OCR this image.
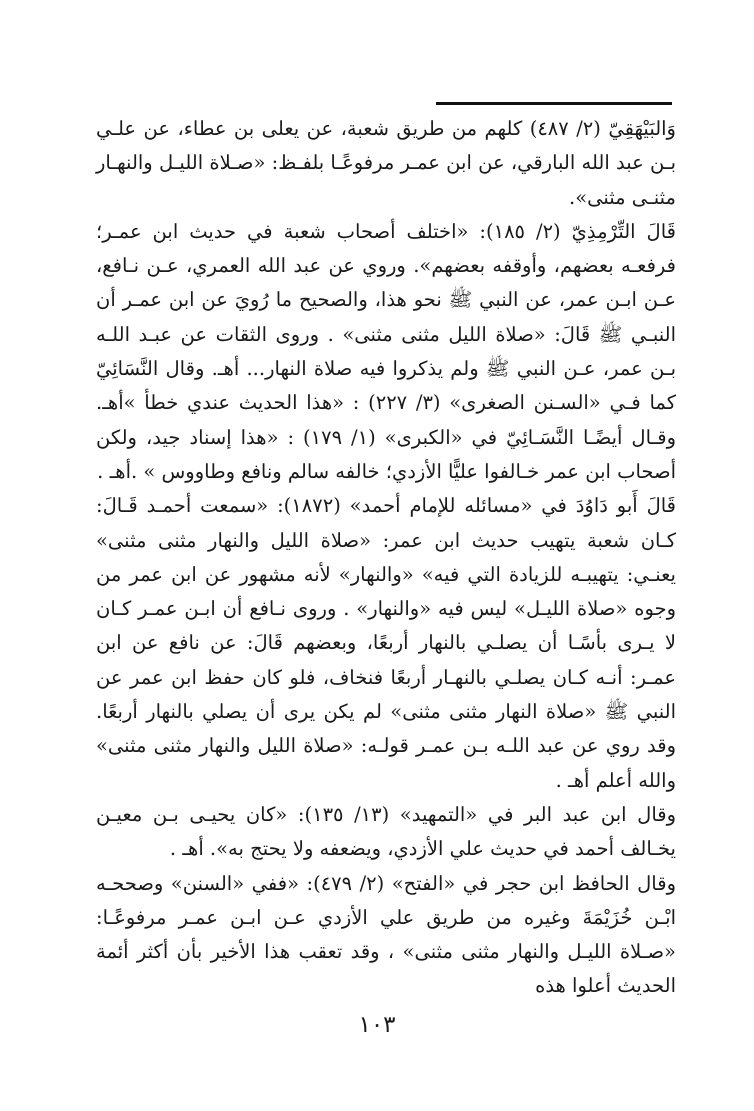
وَالبَيْهَقِيّ (٢/ ٤٨٧) كلهم من طريق شعبة، عن يعلى بن عطاء، عن علـي بـن عبد الله البارقي، عن ابن عمـر مرفوعًـا بلفـظ: «صـلاة الليـل والنهـار مثنـى مثنى».

قَالَ التِّرْمِذِيّ (٢/ ١٨٥): «اختلف أصحاب شعبة في حديث ابن عمـر؛ فرفعـه بعضهم، وأوقفه بعضهم». وروي عن عبد الله العمري، عـن نـافع، عـن ابـن عمر، عن النبي ﷺ نحو هذا، والصحيح ما رُويَ عن ابن عمـر أن النبـي ﷺ قَالَ: «صلاة الليل مثنى مثنى» . وروى الثقات عن عبـد اللـه بـن عمر، عـن النبي ﷺ ولم يذكروا فيه صلاة النهار... أهـ. وقال النَّسَائِيّ كما فـي «السـنن الصغرى» (٣/ ٢٢٧) : «هذا الحديث عندي خطأ »أهـ. وقـال أيضًـا النَّسَـائِيّ في «الكبرى» (١/ ١٧٩) : «هذا إسناد جيد، ولكن أصحاب ابن عمر خـالفوا عليًّا الأزدي؛ خالفه سالم ونافع وطاووس » .أهـ .

قَالَ أَبو دَاوُدَ في «مسائله للإمام أحمد» (١٨٧٢): «سمعت أحمـد قَـالَ: كـان شعبة يتهيب حديث ابن عمر: «صلاة الليل والنهار مثنى مثنى» يعنـي: يتهيبـه للزيادة التي فيه» «والنهار» لأنه مشهور عن ابن عمر من وجوه «صلاة الليـل» ليس فيه «والنهار» . وروى نـافع أن ابـن عمـر كـان لا يـرى بأسًـا أن يصلـي بالنهار أربعًا، وبعضهم قَالَ: عن نافع عن ابن عمـر: أنـه كـان يصلـي بالنهـار أربعًا فنخاف، فلو كان حفظ ابن عمر عن النبي ﷺ «صلاة النهار مثنى مثنى» لم يكن يرى أن يصلي بالنهار أربعًا. وقد روي عن عبد اللـه بـن عمـر قولـه: «صلاة الليل والنهار مثنى مثنى» والله أعلم أهـ .

وقال ابن عبد البر في «التمهيد» (١٣/ ١٣٥): «كان يحيـى بـن معيـن يخـالف أحمد في حديث علي الأزدي، ويضعفه ولا يحتج به». أهـ .

وقال الحافظ ابن حجر في «الفتح» (٢/ ٤٧٩): «ففي «السنن» وصححـه ابْـن خُزَيْمَةَ وغيره من طريق علي الأزدي عـن ابـن عمـر مرفوعًـا: «صـلاة الليـل والنهار مثنى مثنى» ، وقد تعقب هذا الأخير بأن أكثر أئمة الحديث أعلوا هذه

١٠٣
